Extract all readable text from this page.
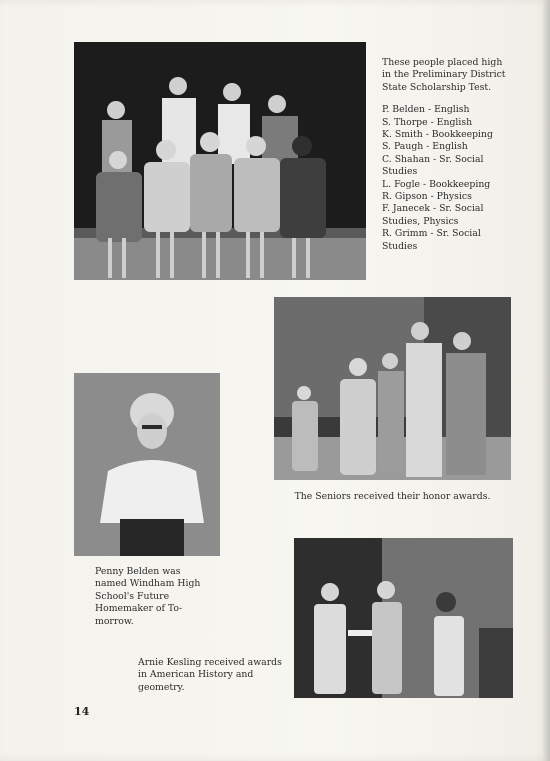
These people placed high in the Preliminary District State Scholarship Test.

P. Belden - English
S. Thorpe - English
K. Smith - Bookkeeping
S. Paugh - English
C. Shahan - Sr. Social Studies
L. Fogle - Bookkeeping
R. Gipson - Physics
F. Janecek - Sr. Social Studies, Physics
R. Grimm - Sr. Social Studies

The Seniors received their honor awards.

Penny Belden was named Windham High School's Future Homemaker of To- morrow.

Arnie Kesling received awards in American History and geometry.

14
